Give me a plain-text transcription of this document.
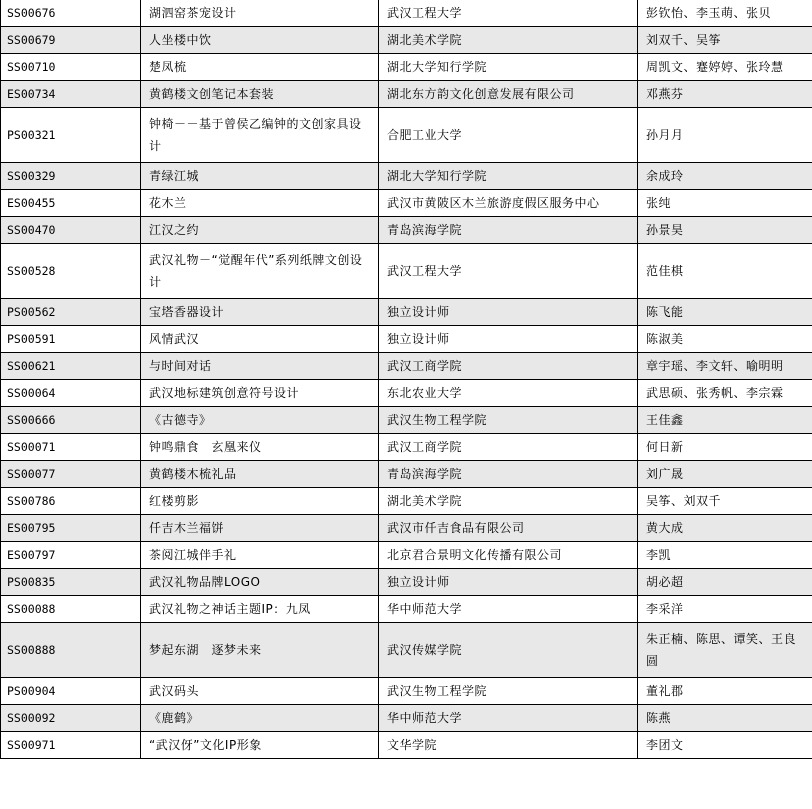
SS00676	湖泗窑茶宠设计	武汉工程大学	彭钦怡、李玉萌、张贝
SS00679	人坐楼中饮	湖北美术学院	刘双千、吴筝
SS00710	楚凤梳	湖北大学知行学院	周凯文、蹇婷婷、张玲慧
ES00734	黄鹤楼文创笔记本套装	湖北东方韵文化创意发展有限公司	邓燕芬
PS00321	钟椅－－基于曾侯乙编钟的文创家具设计	合肥工业大学	孙月月
SS00329	青绿江城	湖北大学知行学院	余成玲
ES00455	花木兰	武汉市黄陂区木兰旅游度假区服务中心	张纯
SS00470	江汉之约	青岛滨海学院	孙景昊
SS00528	武汉礼物－“觉醒年代”系列纸牌文创设计	武汉工程大学	范佳棋
PS00562	宝塔香器设计	独立设计师	陈飞能
PS00591	风情武汉	独立设计师	陈淑美
SS00621	与时间对话	武汉工商学院	章宇瑶、李文轩、喻明明
SS00064	武汉地标建筑创意符号设计	东北农业大学	武思硕、张秀帆、李宗霖
SS00666	《古德寺》	武汉生物工程学院	王佳鑫
SS00071	钟鸣鼎食　玄凰来仪	武汉工商学院	何日新
SS00077	黄鹤楼木梳礼品	青岛滨海学院	刘广晟
SS00786	红楼剪影	湖北美术学院	吴筝、刘双千
ES00795	仟吉木兰福饼	武汉市仟吉食品有限公司	黄大成
ES00797	茶阅江城伴手礼	北京君合景明文化传播有限公司	李凯
PS00835	武汉礼物品牌LOGO	独立设计师	胡必超
SS00088	武汉礼物之神话主题IP：九凤	华中师范大学	李采洋
SS00888	梦起东湖　逐梦未来	武汉传媒学院	朱正楠、陈思、谭笑、王良圆
PS00904	武汉码头	武汉生物工程学院	董礼郡
SS00092	《鹿鹤》	华中师范大学	陈燕
SS00971	“武汉伢”文化IP形象	文华学院	李团文
